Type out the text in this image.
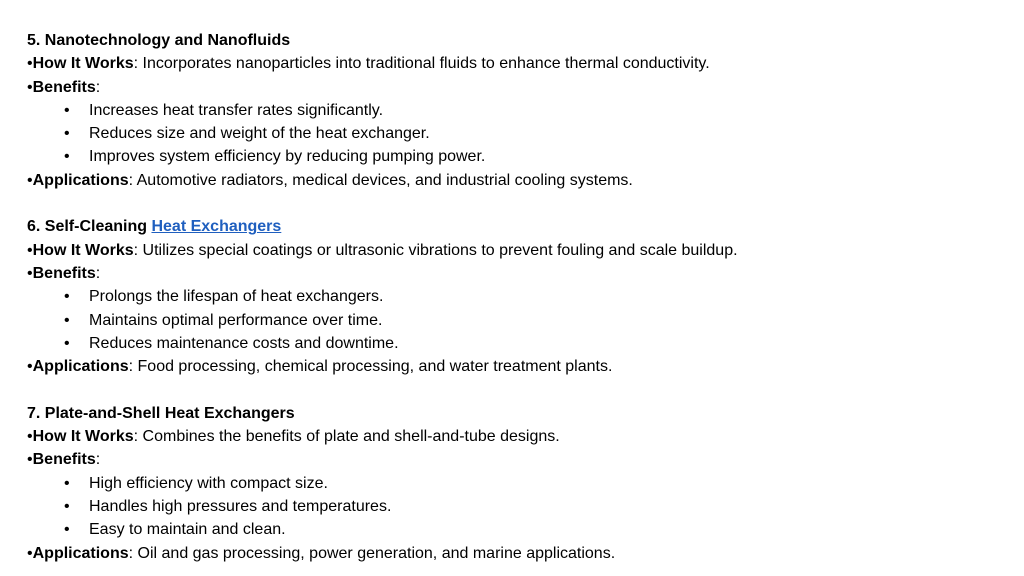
5. Nanotechnology and Nanofluids
•How It Works: Incorporates nanoparticles into traditional fluids to enhance thermal conductivity.
•Benefits:
• Increases heat transfer rates significantly.
• Reduces size and weight of the heat exchanger.
• Improves system efficiency by reducing pumping power.
•Applications: Automotive radiators, medical devices, and industrial cooling systems.
6. Self-Cleaning Heat Exchangers
•How It Works: Utilizes special coatings or ultrasonic vibrations to prevent fouling and scale buildup.
•Benefits:
• Prolongs the lifespan of heat exchangers.
• Maintains optimal performance over time.
• Reduces maintenance costs and downtime.
•Applications: Food processing, chemical processing, and water treatment plants.
7. Plate-and-Shell Heat Exchangers
•How It Works: Combines the benefits of plate and shell-and-tube designs.
•Benefits:
• High efficiency with compact size.
• Handles high pressures and temperatures.
• Easy to maintain and clean.
•Applications: Oil and gas processing, power generation, and marine applications.
